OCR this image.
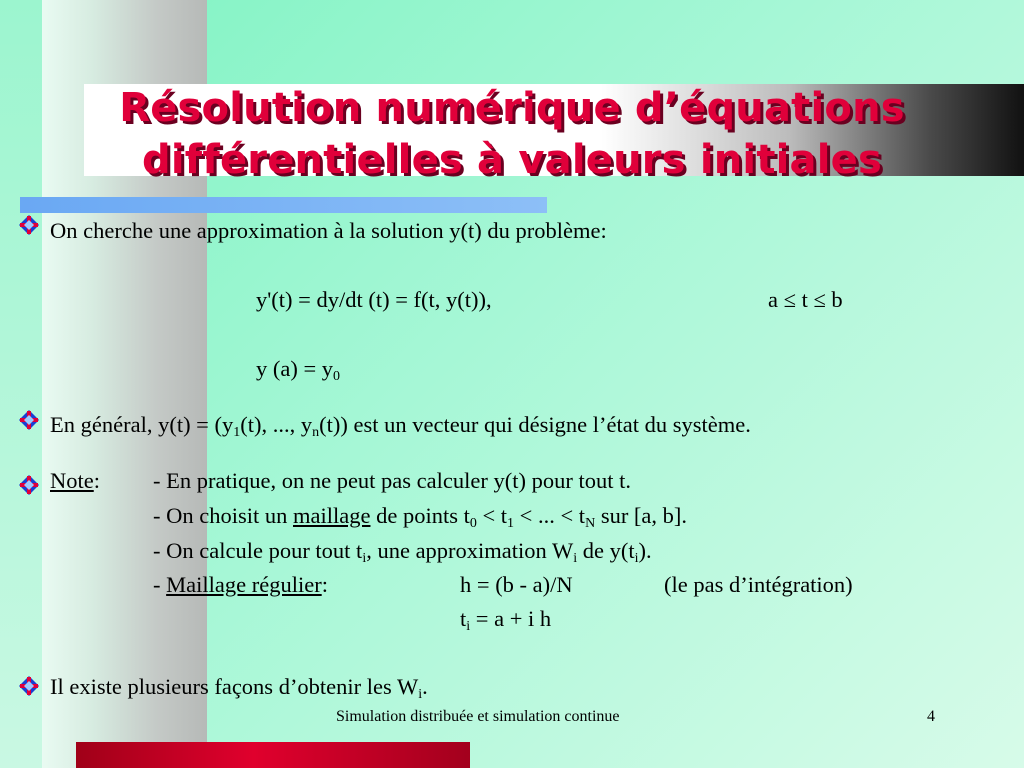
Résolution numérique d’équations
différentielles à valeurs initiales
On cherche une approximation à la solution y(t) du problème:
y'(t) = dy/dt (t) = f(t, y(t)),	a ≤ t ≤ b
y $(a) = y_0$
En général, $y(t) = (y_1(t)$, ..., $y_n(t)$) est un vecteur qui désigne l’état du système.
Note: - En pratique, on ne peut pas calculer y(t) pour tout t.
- On choisit un maillage de points $t_0 < t_1$ < ... < $t_N$ sur [a, b].
- On calcule pour tout $t_i$, une approximation $W_i$ de $y(t_i)$.
- Maillage régulier:	h = (b - a)/N	(le pas d’intégration)
$t_i = a + i$ h
Il existe plusieurs façons d’obtenir les $W_i$.
Simulation distribuée et simulation continue	4
